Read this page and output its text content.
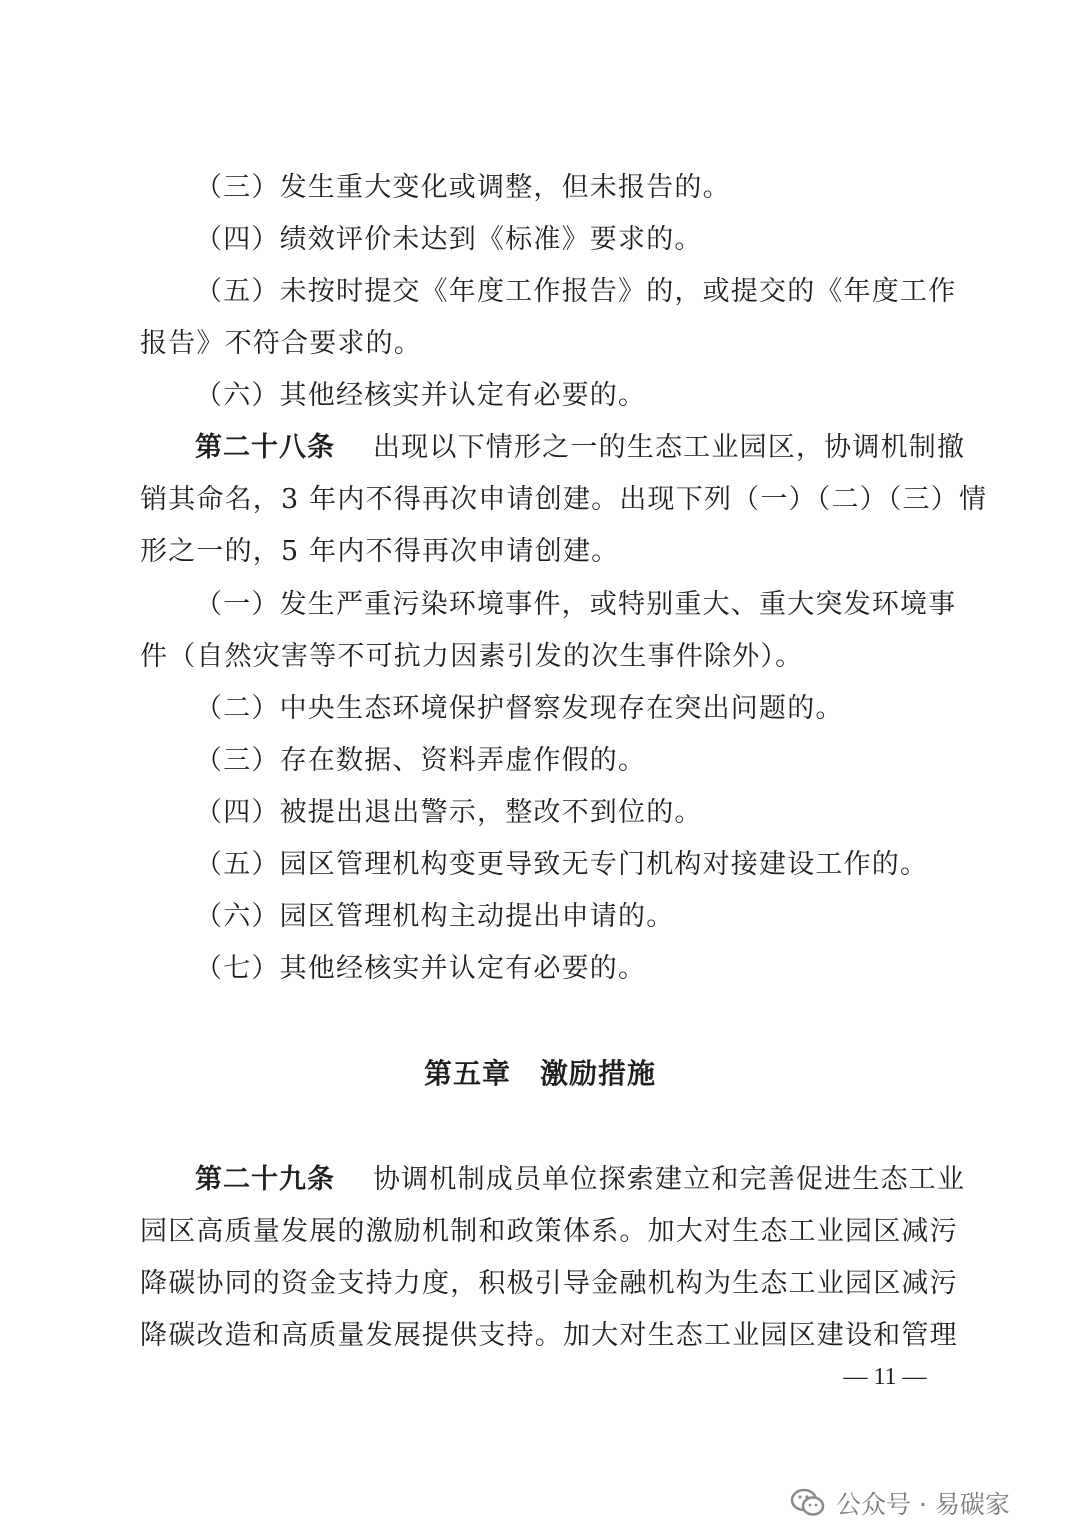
（三）发生重大变化或调整，但未报告的。
（四）绩效评价未达到《标准》要求的。
（五）未按时提交《年度工作报告》的，或提交的《年度工作
报告》不符合要求的。
（六）其他经核实并认定有必要的。
第二十八条　 出现以下情形之一的生态工业园区，协调机制撤
销其命名，3 年内不得再次申请创建。出现下列（一）（二）（三）情
形之一的，5 年内不得再次申请创建。
（一）发生严重污染环境事件，或特别重大、重大突发环境事
件（自然灾害等不可抗力因素引发的次生事件除外）。
（二）中央生态环境保护督察发现存在突出问题的。
（三）存在数据、资料弄虚作假的。
（四）被提出退出警示，整改不到位的。
（五）园区管理机构变更导致无专门机构对接建设工作的。
（六）园区管理机构主动提出申请的。
（七）其他经核实并认定有必要的。
第五章　激励措施
第二十九条　 协调机制成员单位探索建立和完善促进生态工业
园区高质量发展的激励机制和政策体系。加大对生态工业园区减污
降碳协同的资金支持力度，积极引导金融机构为生态工业园区减污
降碳改造和高质量发展提供支持。加大对生态工业园区建设和管理
— 11 —
公众号 · 易碳家
